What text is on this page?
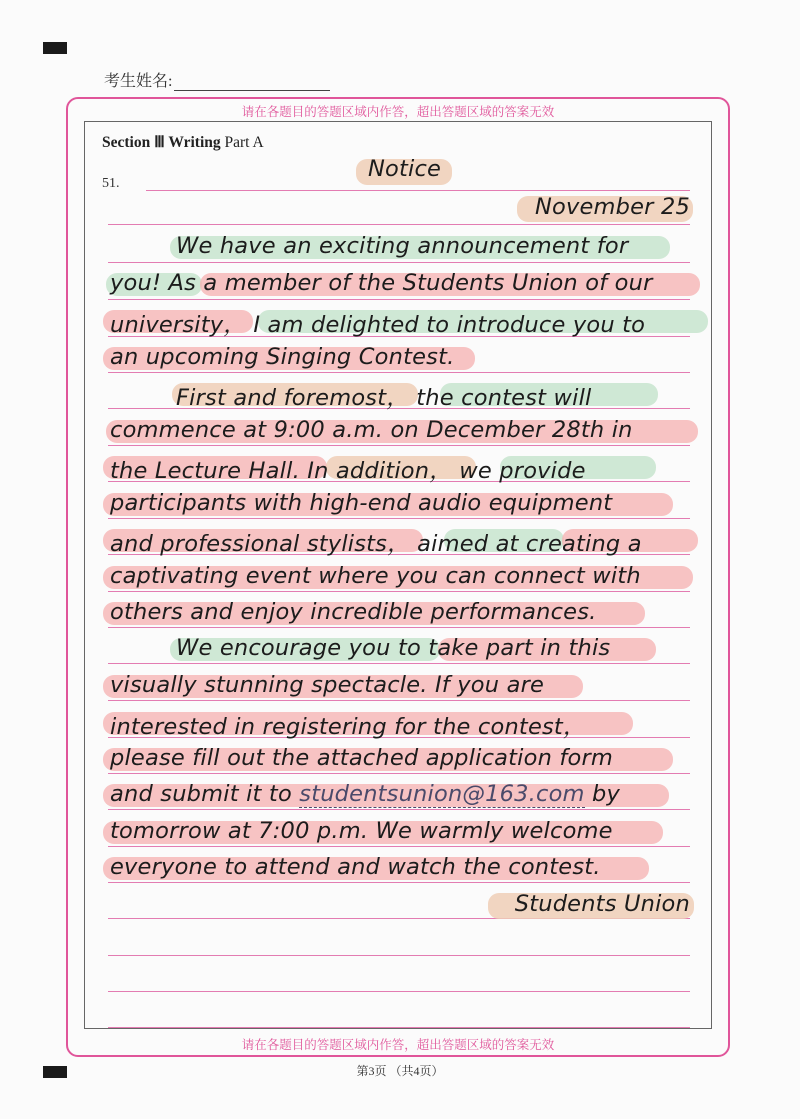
考生姓名:
请在各题目的答题区域内作答，超出答题区域的答案无效
请在各题目的答题区域内作答，超出答题区域的答案无效
Section Ⅲ Writing Part A
51.
Notice
November 25
We have an exciting announcement for
you! As a member of the Students Union of our
university， I am delighted to introduce you to
an upcoming Singing Contest.
First and foremost， the contest will
commence at 9:00 a.m. on December 28th in
the Lecture Hall. In addition， we provide
participants with high-end audio equipment
and professional stylists， aimed at creating a
captivating event where you can connect with
others and enjoy incredible performances.
We encourage you to take part in this
visually stunning spectacle. If you are
interested in registering for the contest，
please fill out the attached application form
and submit it to studentsunion@163.com by
tomorrow at 7:00 p.m. We warmly welcome
everyone to attend and watch the contest.
Students Union
第3页 （共4页）
